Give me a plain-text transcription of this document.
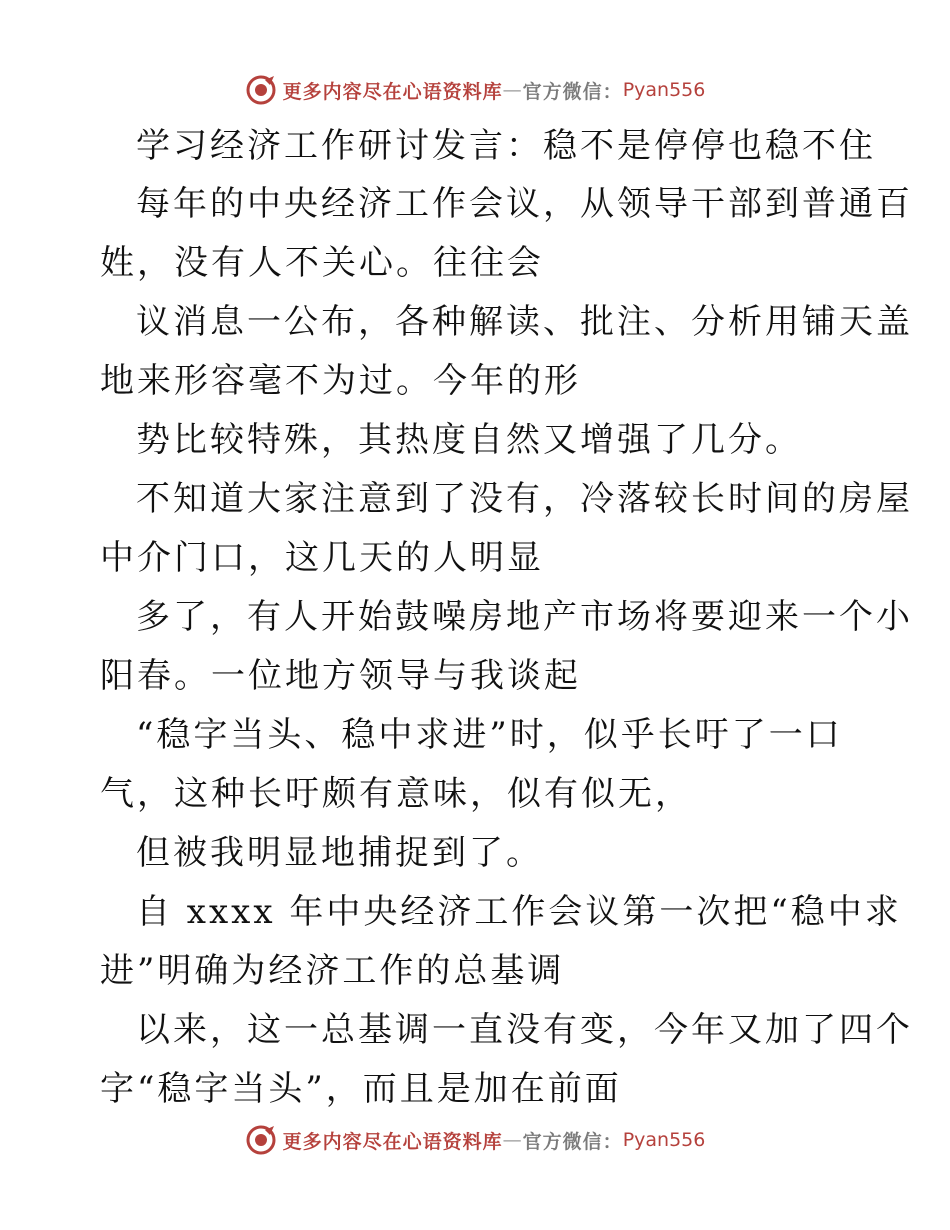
更多内容尽在心语资料库 — 官方微信： Pyan556
学习经济工作研讨发言：稳不是停停也稳不住
每年的中央经济工作会议，从领导干部到普通百
姓，没有人不关心。往往会
议消息一公布，各种解读、批注、分析用铺天盖
地来形容毫不为过。今年的形
势比较特殊，其热度自然又增强了几分。
不知道大家注意到了没有，冷落较长时间的房屋
中介门口，这几天的人明显
多了，有人开始鼓噪房地产市场将要迎来一个小
阳春。一位地方领导与我谈起
“稳字当头、稳中求进”时，似乎长吁了一口
气，这种长吁颇有意味，似有似无，
但被我明显地捕捉到了。
自 xxxx 年中央经济工作会议第一次把“稳中求
进”明确为经济工作的总基调
以来，这一总基调一直没有变，今年又加了四个
字“稳字当头”，而且是加在前面
更多内容尽在心语资料库 — 官方微信： Pyan556
